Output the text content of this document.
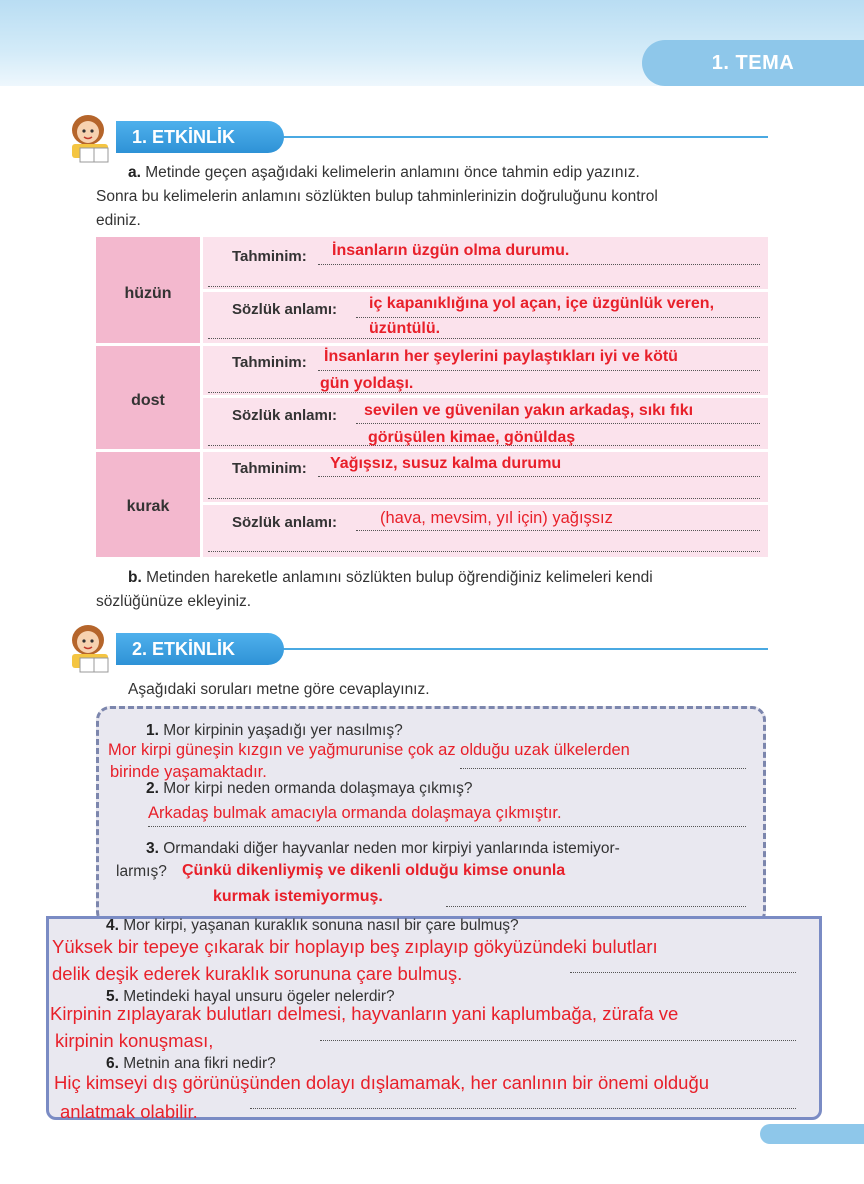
1. TEMA
1. ETKİNLİK
a. Metinde geçen aşağıdaki kelimelerin anlamını önce tahmin edip yazınız.
Sonra bu kelimelerin anlamını sözlükten bulup tahminlerinizin doğruluğunu kontrol
ediniz.
hüzün
Tahminim: İnsanların üzgün olma durumu.
Sözlük anlamı: iç kapanıklığına yol açan, içe üzgünlük veren,
üzüntülü.
dost
Tahminim: İnsanların her şeylerini paylaştıkları iyi ve kötü
gün yoldaşı.
Sözlük anlamı: sevilen ve güvenilan yakın arkadaş, sıkı fıkı
görüşülen kimae, gönüldaş
kurak
Tahminim: Yağışsız, susuz kalma durumu
Sözlük anlamı:	(hava, mevsim, yıl için) yağışsız
b. Metinden hareketle anlamını sözlükten bulup öğrendiğiniz kelimeleri kendi
sözlüğünüze ekleyiniz.
2. ETKİNLİK
Aşağıdaki soruları metne göre cevaplayınız.
1. Mor kirpinin yaşadığı yer nasılmış?
Mor kirpi güneşin kızgın ve yağmurunise çok az olduğu uzak ülkelerden
birinde yaşamaktadır.
2. Mor kirpi neden ormanda dolaşmaya çıkmış?
Arkadaş bulmak amacıyla ormanda dolaşmaya çıkmıştır.
3. Ormandaki diğer hayvanlar neden mor kirpiyi yanlarında istemiyor-
larmış? Çünkü dikenliymiş ve dikenli olduğu kimse onunla
kurmak istemiyormuş.
4. Mor kirpi, yaşanan kuraklık sonuna nasıl bir çare bulmuş?
Yüksek bir tepeye çıkarak bir hoplayıp beş zıplayıp gökyüzündeki bulutları
delik deşik ederek kuraklık sorununa çare bulmuş.
5. Metindeki hayal unsuru ögeler nelerdir?
Kirpinin zıplayarak bulutları delmesi, hayvanların yani kaplumbağa, zürafa ve
kirpinin konuşması,
6. Metnin ana fikri nedir?
Hiç kimseyi dış görünüşünden dolayı dışlamamak, her canlının bir önemi olduğu
anlatmak olabilir.
